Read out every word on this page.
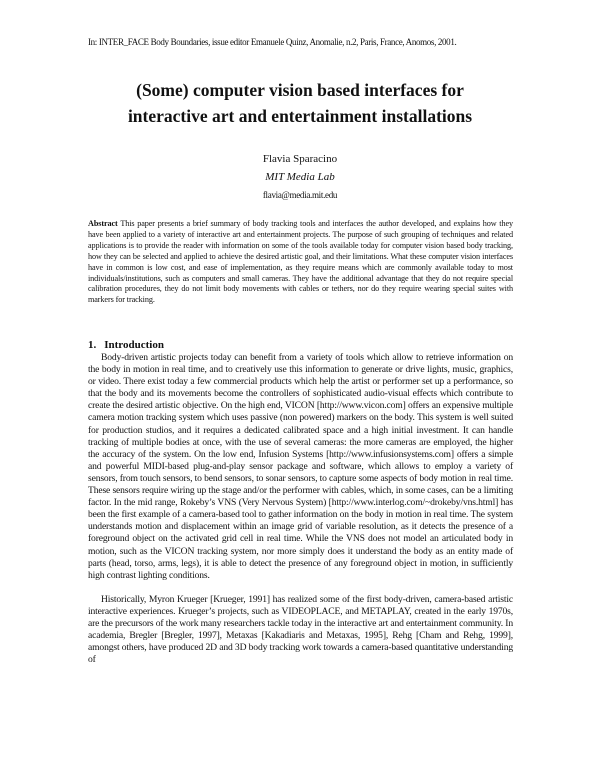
In: INTER_FACE Body Boundaries, issue editor Emanuele Quinz, Anomalie, n.2, Paris, France, Anomos, 2001.
(Some) computer vision based interfaces for
interactive art and entertainment installations
Flavia Sparacino
MIT Media Lab
flavia@media.mit.edu
Abstract This paper presents a brief summary of body tracking tools and interfaces the author developed, and explains how they have been applied to a variety of interactive art and entertainment projects. The purpose of such grouping of techniques and related applications is to provide the reader with information on some of the tools available today for computer vision based body tracking, how they can be selected and applied to achieve the desired artistic goal, and their limitations. What these computer vision interfaces have in common is low cost, and ease of implementation, as they require means which are commonly available today to most individuals/institutions, such as computers and small cameras. They have the additional advantage that they do not require special calibration procedures, they do not limit body movements with cables or tethers, nor do they require wearing special suites with markers for tracking.
1. Introduction

Body-driven artistic projects today can benefit from a variety of tools which allow to retrieve information on the body in motion in real time, and to creatively use this information to generate or drive lights, music, graphics, or video. There exist today a few commercial products which help the artist or performer set up a performance, so that the body and its movements become the controllers of sophisticated audio-visual effects which contribute to create the desired artistic objective. On the high end, VICON [http://www.vicon.com] offers an expensive multiple camera motion tracking system which uses passive (non powered) markers on the body. This system is well suited for production studios, and it requires a dedicated calibrated space and a high initial investment. It can handle tracking of multiple bodies at once, with the use of several cameras: the more cameras are employed, the higher the accuracy of the system. On the low end, Infusion Systems [http://www.infusionsystems.com] offers a simple and powerful MIDI-based plug-and-play sensor package and software, which allows to employ a variety of sensors, from touch sensors, to bend sensors, to sonar sensors, to capture some aspects of body motion in real time. These sensors require wiring up the stage and/or the performer with cables, which, in some cases, can be a limiting factor. In the mid range, Rokeby’s VNS (Very Nervous System) [http://www.interlog.com/~drokeby/vns.html] has been the first example of a camera-based tool to gather information on the body in motion in real time. The system understands motion and displacement within an image grid of variable resolution, as it detects the presence of a foreground object on the activated grid cell in real time. While the VNS does not model an articulated body in motion, such as the VICON tracking system, nor more simply does it understand the body as an entity made of parts (head, torso, arms, legs), it is able to detect the presence of any foreground object in motion, in sufficiently high contrast lighting conditions.

Historically, Myron Krueger [Krueger, 1991] has realized some of the first body-driven, camera-based artistic interactive experiences. Krueger’s projects, such as VIDEOPLACE, and METAPLAY, created in the early 1970s, are the precursors of the work many researchers tackle today in the interactive art and entertainment community. In academia, Bregler [Bregler, 1997], Metaxas [Kakadiaris and Metaxas, 1995], Rehg [Cham and Rehg, 1999], amongst others, have produced 2D and 3D body tracking work towards a camera-based quantitative understanding of
